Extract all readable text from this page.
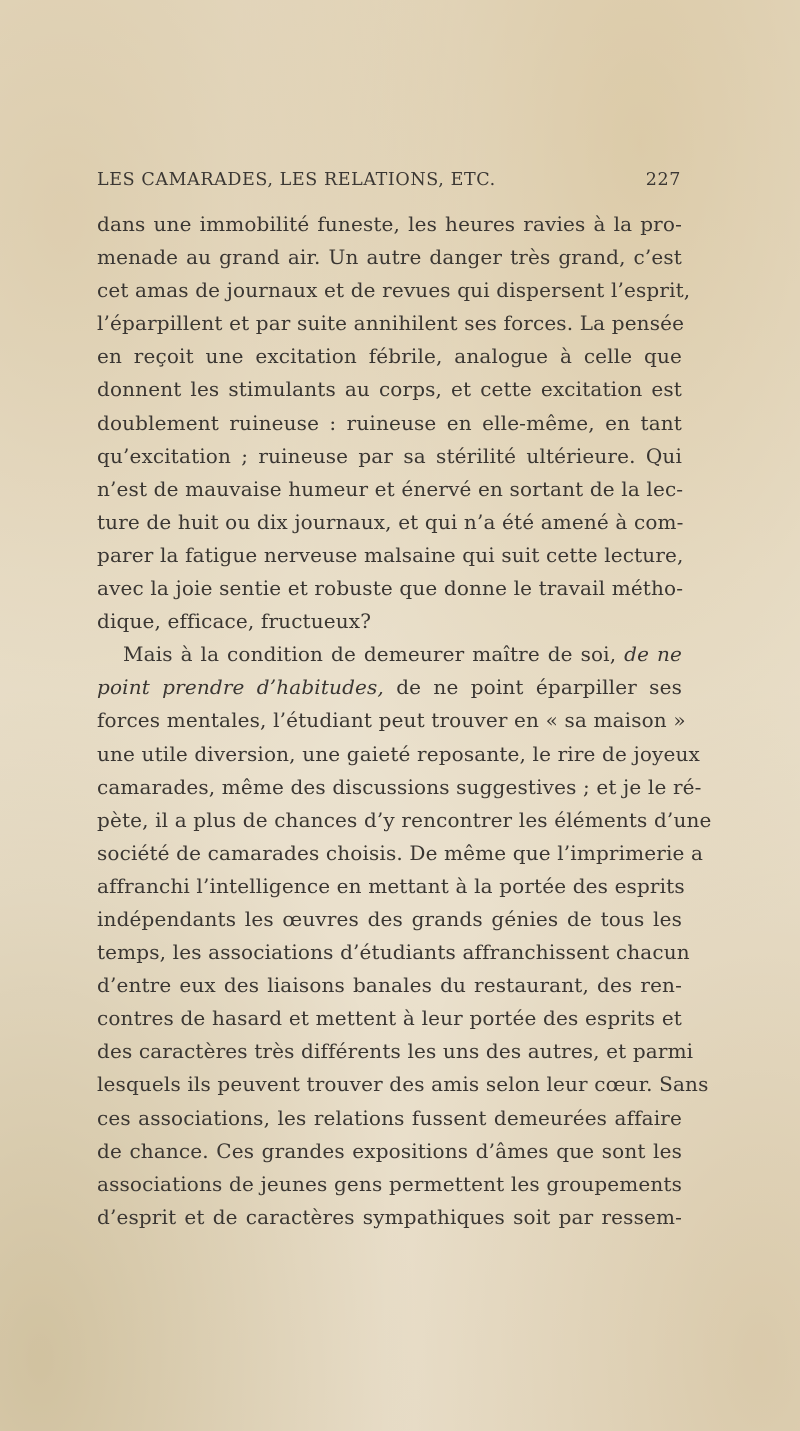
LES CAMARADES, LES RELATIONS, ETC.	227
dans une immobilité funeste, les heures ravies à la pro-
menade au grand air. Un autre danger très grand, c’est
cet amas de journaux et de revues qui dispersent l’esprit,
l’éparpillent et par suite annihilent ses forces. La pensée
en reçoit une excitation fébrile, analogue à celle que
donnent les stimulants au corps, et cette excitation est
doublement ruineuse : ruineuse en elle-même, en tant
qu’excitation ; ruineuse par sa stérilité ultérieure. Qui
n’est de mauvaise humeur et énervé en sortant de la lec-
ture de huit ou dix journaux, et qui n’a été amené à com-
parer la fatigue nerveuse malsaine qui suit cette lecture,
avec la joie sentie et robuste que donne le travail métho-
dique, efficace, fructueux?
Mais à la condition de demeurer maître de soi, de ne
point prendre d’habitudes, de ne point éparpiller ses
forces mentales, l’étudiant peut trouver en « sa maison »
une utile diversion, une gaieté reposante, le rire de joyeux
camarades, même des discussions suggestives ; et je le ré-
pète, il a plus de chances d’y rencontrer les éléments d’une
société de camarades choisis. De même que l’imprimerie a
affranchi l’intelligence en mettant à la portée des esprits
indépendants les œuvres des grands génies de tous les
temps, les associations d’étudiants affranchissent chacun
d’entre eux des liaisons banales du restaurant, des ren-
contres de hasard et mettent à leur portée des esprits et
des caractères très différents les uns des autres, et parmi
lesquels ils peuvent trouver des amis selon leur cœur. Sans
ces associations, les relations fussent demeurées affaire
de chance. Ces grandes expositions d’âmes que sont les
associations de jeunes gens permettent les groupements
d’esprit et de caractères sympathiques soit par ressem-
